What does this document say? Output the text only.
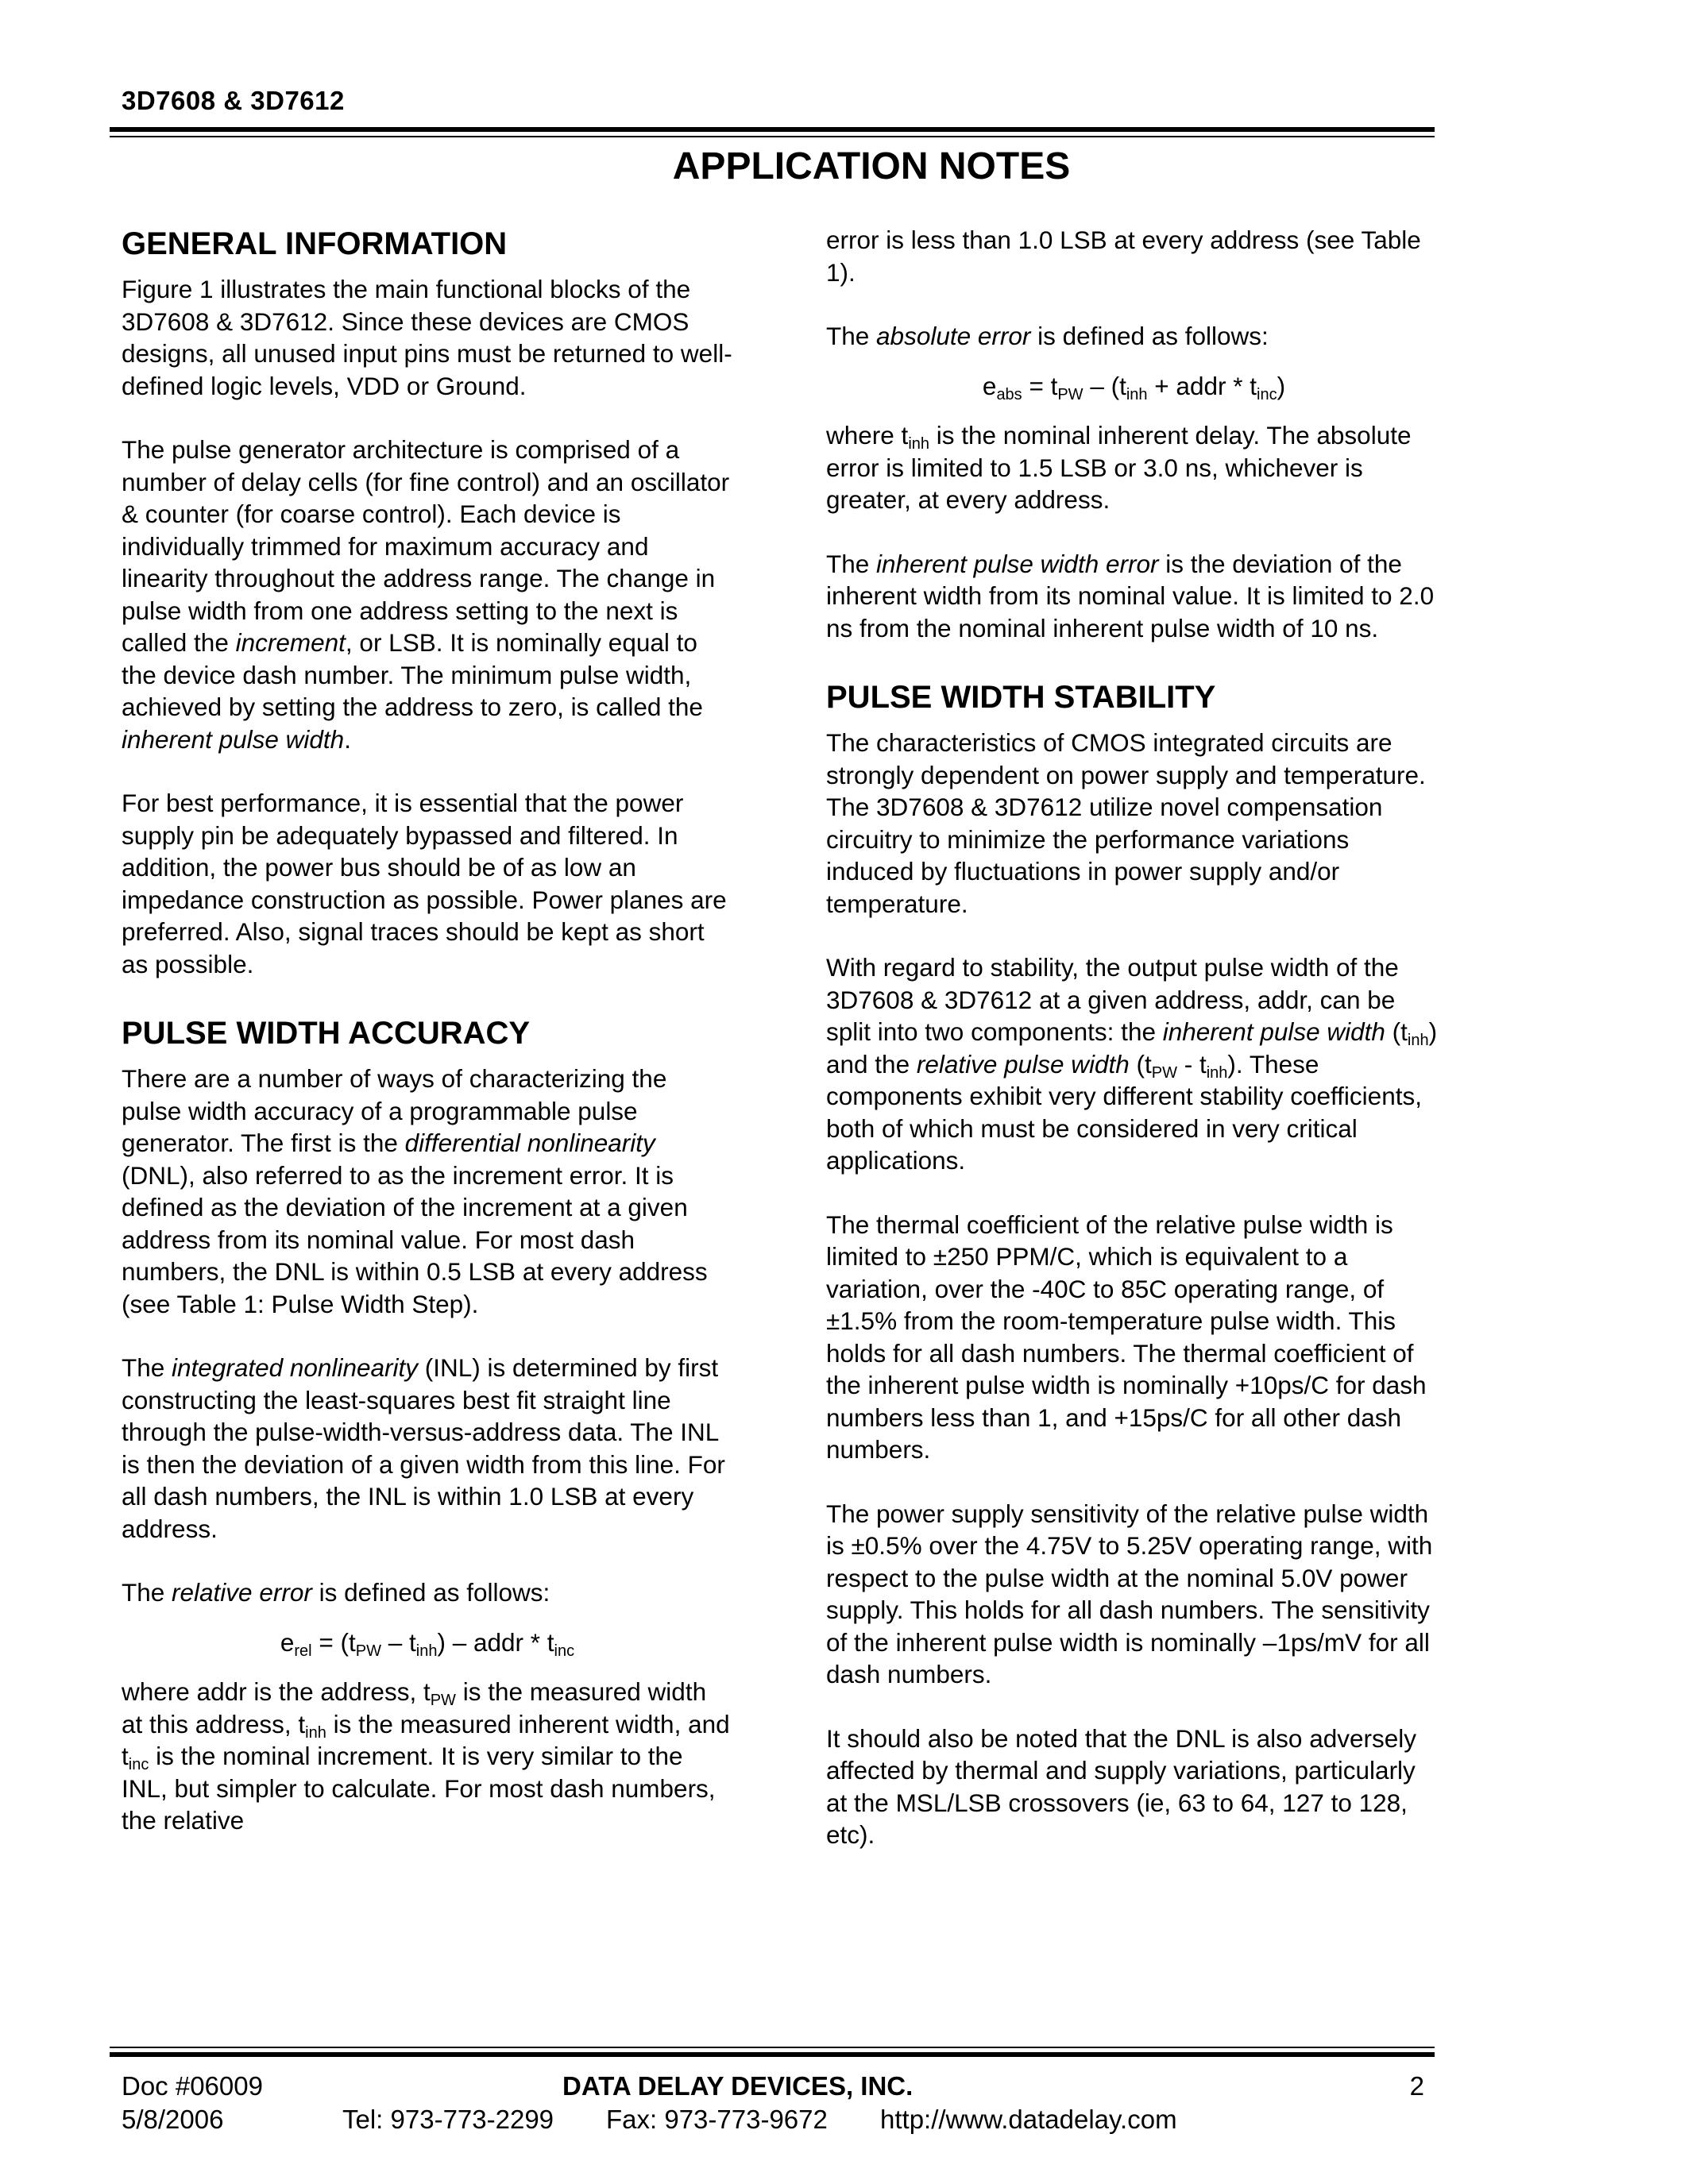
3D7608 & 3D7612
APPLICATION NOTES
GENERAL INFORMATION

Figure 1 illustrates the main functional blocks of the 3D7608 & 3D7612. Since these devices are CMOS designs, all unused input pins must be returned to well-defined logic levels, VDD or Ground.

The pulse generator architecture is comprised of a number of delay cells (for fine control) and an oscillator & counter (for coarse control). Each device is individually trimmed for maximum accuracy and linearity throughout the address range. The change in pulse width from one address setting to the next is called the increment, or LSB. It is nominally equal to the device dash number. The minimum pulse width, achieved by setting the address to zero, is called the inherent pulse width.

For best performance, it is essential that the power supply pin be adequately bypassed and filtered. In addition, the power bus should be of as low an impedance construction as possible. Power planes are preferred. Also, signal traces should be kept as short as possible.

PULSE WIDTH ACCURACY

There are a number of ways of characterizing the pulse width accuracy of a programmable pulse generator. The first is the differential nonlinearity (DNL), also referred to as the increment error. It is defined as the deviation of the increment at a given address from its nominal value. For most dash numbers, the DNL is within 0.5 LSB at every address (see Table 1: Pulse Width Step).

The integrated nonlinearity (INL) is determined by first constructing the least-squares best fit straight line through the pulse-width-versus-address data. The INL is then the deviation of a given width from this line. For all dash numbers, the INL is within 1.0 LSB at every address.

The relative error is defined as follows:

$e_{rel} = (t_{PW} - t_{inh})$ – addr * $t_{inc}$

where addr is the address, $t_{PW}$ is the measured width at this address, $t_{inh}$ is the measured inherent width, and $t_{inc}$ is the nominal increment. It is very similar to the INL, but simpler to calculate. For most dash numbers, the relative

error is less than 1.0 LSB at every address (see Table 1).

The absolute error is defined as follows:

$e_{abs} = t_{PW} - (t_{inh}$ + addr * $t_{inc}$)

where $t_{inh}$ is the nominal inherent delay. The absolute error is limited to 1.5 LSB or 3.0 ns, whichever is greater, at every address.

The inherent pulse width error is the deviation of the inherent width from its nominal value. It is limited to 2.0 ns from the nominal inherent pulse width of 10 ns.

PULSE WIDTH STABILITY

The characteristics of CMOS integrated circuits are strongly dependent on power supply and temperature. The 3D7608 & 3D7612 utilize novel compensation circuitry to minimize the performance variations induced by fluctuations in power supply and/or temperature.

With regard to stability, the output pulse width of the 3D7608 & 3D7612 at a given address, addr, can be split into two components: the inherent pulse width $(t_{inh})$ and the relative pulse width $(t_{PW} - t_{inh})$. These components exhibit very different stability coefficients, both of which must be considered in very critical applications.

The thermal coefficient of the relative pulse width is limited to ±250 PPM/C, which is equivalent to a variation, over the -40C to 85C operating range, of ±1.5% from the room-temperature pulse width. This holds for all dash numbers. The thermal coefficient of the inherent pulse width is nominally +10ps/C for dash numbers less than 1, and +15ps/C for all other dash numbers.

The power supply sensitivity of the relative pulse width is ±0.5% over the 4.75V to 5.25V operating range, with respect to the pulse width at the nominal 5.0V power supply. This holds for all dash numbers. The sensitivity of the inherent pulse width is nominally –1ps/mV for all dash numbers.

It should also be noted that the DNL is also adversely affected by thermal and supply variations, particularly at the MSL/LSB crossovers (ie, 63 to 64, 127 to 128, etc).

Doc #06009	DATA DELAY DEVICES, INC.	2
5/8/2006	Tel: 973-773-2299 Fax: 973-773-9672 http://www.datadelay.com
